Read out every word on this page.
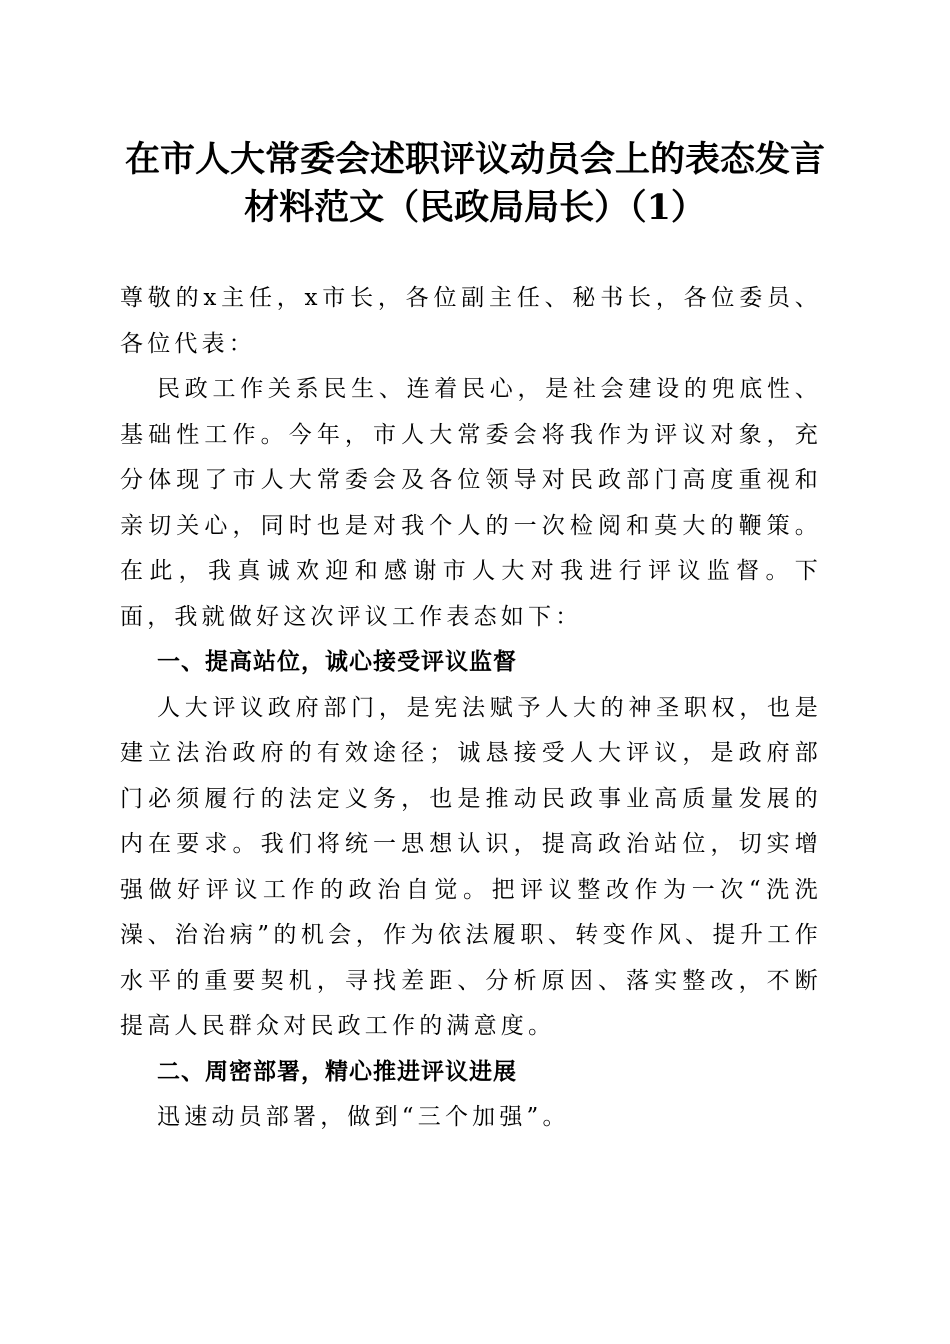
在市人大常委会述职评议动员会上的表态发言
材料范文（民政局局长）（1）

尊敬的x主任，x市长，各位副主任、秘书长，各位委员、各位代表：

民政工作关系民生、连着民心，是社会建设的兜底性、基础性工作。今年，市人大常委会将我作为评议对象，充分体现了市人大常委会及各位领导对民政部门高度重视和亲切关心，同时也是对我个人的一次检阅和莫大的鞭策。在此，我真诚欢迎和感谢市人大对我进行评议监督。下面，我就做好这次评议工作表态如下：

一、提高站位，诚心接受评议监督

人大评议政府部门，是宪法赋予人大的神圣职权，也是建立法治政府的有效途径；诚恳接受人大评议，是政府部门必须履行的法定义务，也是推动民政事业高质量发展的内在要求。我们将统一思想认识，提高政治站位，切实增强做好评议工作的政治自觉。把评议整改作为一次“洗洗澡、治治病”的机会，作为依法履职、转变作风、提升工作水平的重要契机，寻找差距、分析原因、落实整改，不断提高人民群众对民政工作的满意度。

二、周密部署，精心推进评议进展

迅速动员部署，做到“三个加强”。
